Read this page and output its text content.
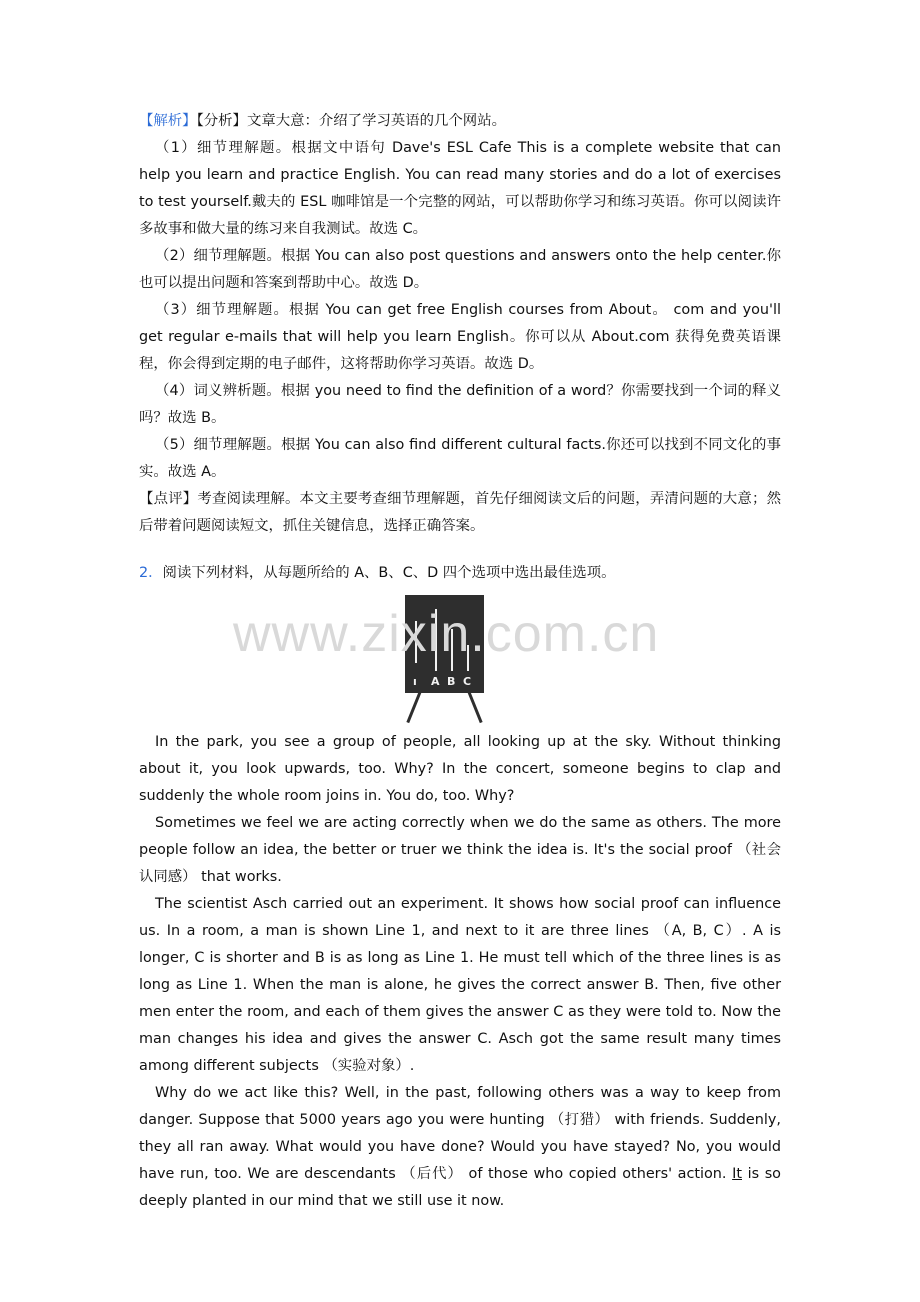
www.zixin.com.cn

【解析】【分析】文章大意：介绍了学习英语的几个网站。

（1）细节理解题。根据文中语句 Dave's ESL Cafe This is a complete website that can help you learn and practice English. You can read many stories and do a lot of exercises to test yourself.戴夫的 ESL 咖啡馆是一个完整的网站，可以帮助你学习和练习英语。你可以阅读许多故事和做大量的练习来自我测试。故选 C。

（2）细节理解题。根据 You can also post questions and answers onto the help center.你也可以提出问题和答案到帮助中心。故选 D。

（3）细节理解题。根据 You can get free English courses from About。 com and you'll get regular e-mails that will help you learn English。你可以从 About.com 获得免费英语课程，你会得到定期的电子邮件，这将帮助你学习英语。故选 D。

（4）词义辨析题。根据 you need to find the definition of a word？你需要找到一个词的释义吗？故选 B。

（5）细节理解题。根据 You can also find different cultural facts.你还可以找到不同文化的事实。故选 A。

【点评】考查阅读理解。本文主要考查细节理解题，首先仔细阅读文后的问题，弄清问题的大意；然后带着问题阅读短文，抓住关键信息，选择正确答案。

2．阅读下列材料，从每题所给的 A、B、C、D 四个选项中选出最佳选项。

ı A B C

In the park, you see a group of people, all looking up at the sky. Without thinking about it, you look upwards, too. Why? In the concert, someone begins to clap and suddenly the whole room joins in. You do, too. Why?

Sometimes we feel we are acting correctly when we do the same as others. The more people follow an idea, the better or truer we think the idea is. It's the social proof （社会认同感） that works.

The scientist Asch carried out an experiment. It shows how social proof can influence us. In a room, a man is shown Line 1, and next to it are three lines （A, B, C）. A is longer, C is shorter and B is as long as Line 1. He must tell which of the three lines is as long as Line 1. When the man is alone, he gives the correct answer B. Then, five other men enter the room, and each of them gives the answer C as they were told to. Now the man changes his idea and gives the answer C. Asch got the same result many times among different subjects （实验对象）.

Why do we act like this? Well, in the past, following others was a way to keep from danger. Suppose that 5000 years ago you were hunting （打猎） with friends. Suddenly, they all ran away. What would you have done? Would you have stayed? No, you would have run, too. We are descendants （后代） of those who copied others' action. It is so deeply planted in our mind that we still use it now.
